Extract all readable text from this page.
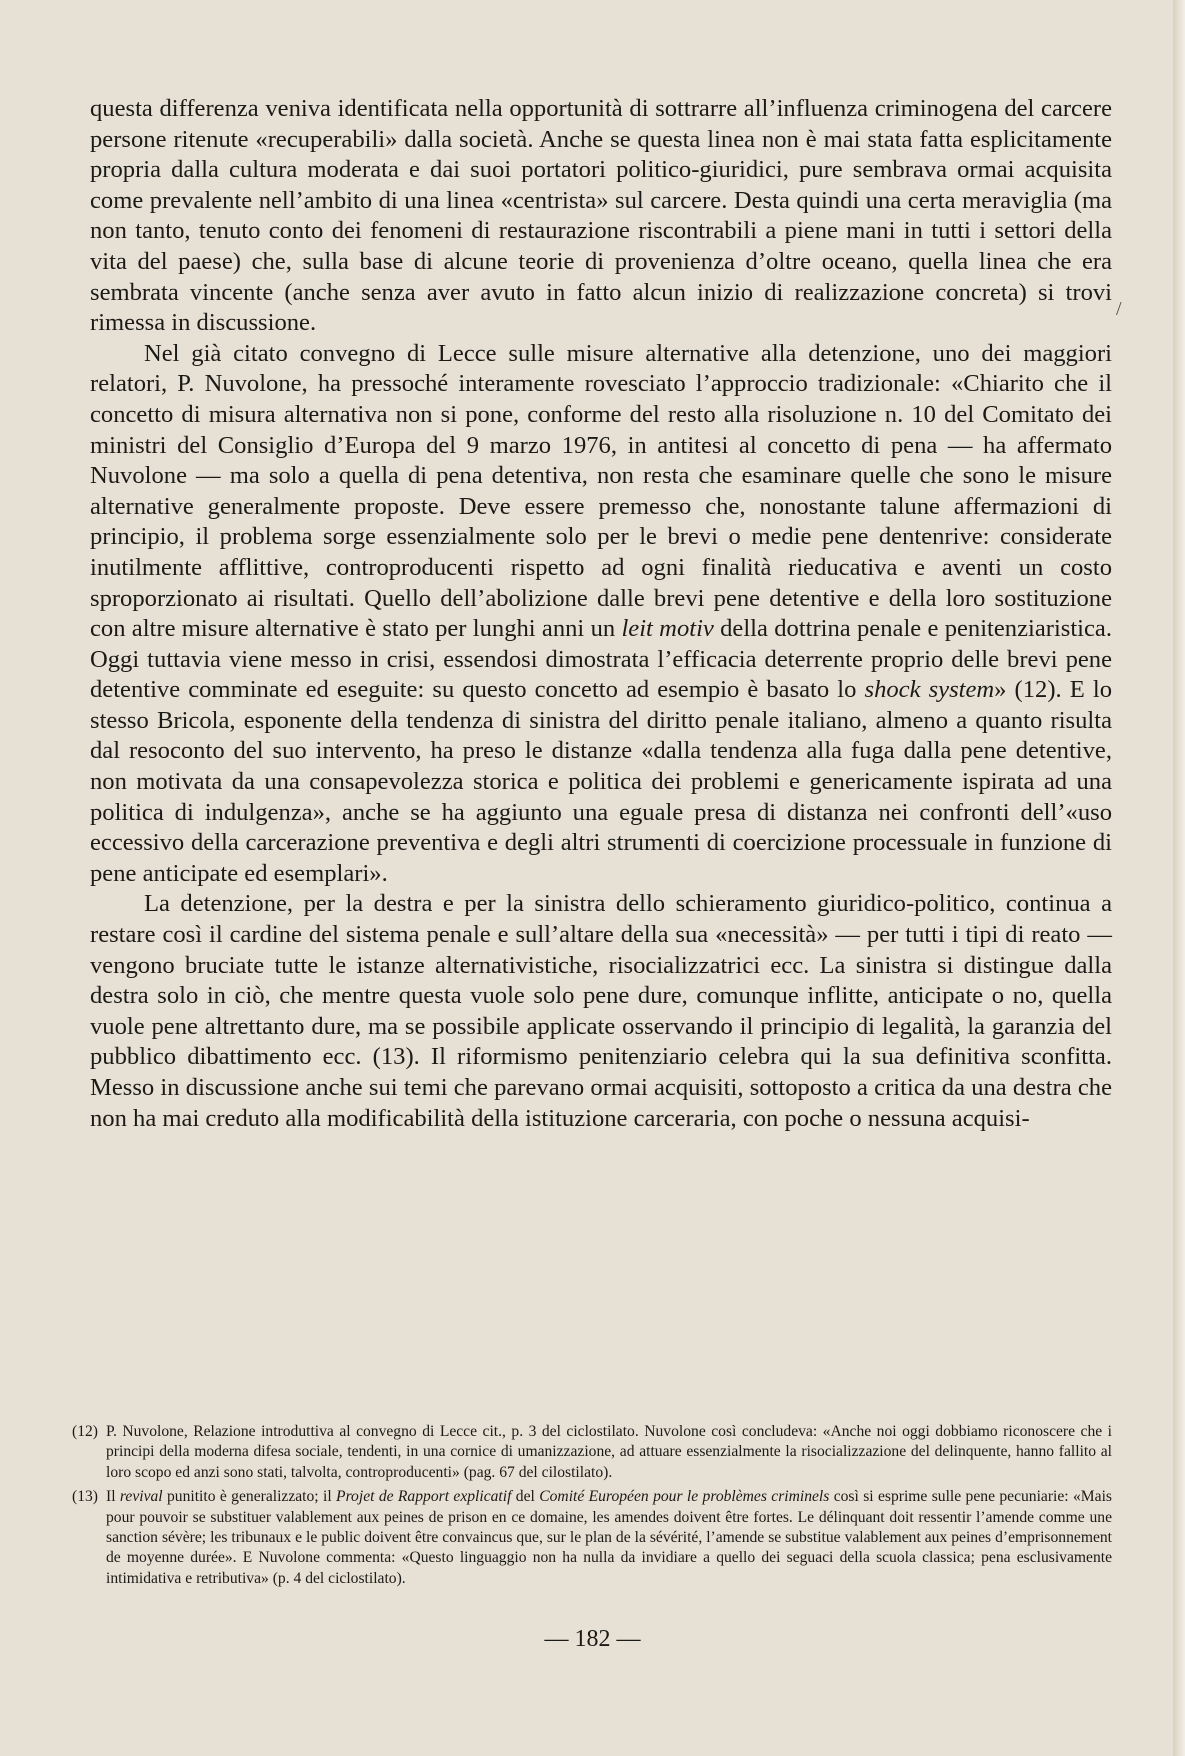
/

questa differenza veniva identificata nella opportunità di sottrarre all’influenza criminogena del carcere persone ritenute «recuperabili» dalla società. Anche se questa linea non è mai stata fatta esplicitamente propria dalla cultura moderata e dai suoi portatori politico-giuridici, pure sembrava ormai acquisita come prevalente nell’ambito di una linea «centrista» sul carcere. Desta quindi una certa meraviglia (ma non tanto, tenuto conto dei fenomeni di restaurazione riscontrabili a piene mani in tutti i settori della vita del paese) che, sulla base di alcune teorie di provenienza d’oltre oceano, quella linea che era sembrata vincente (anche senza aver avuto in fatto alcun inizio di realizzazione concreta) si trovi rimessa in discussione.

Nel già citato convegno di Lecce sulle misure alternative alla detenzione, uno dei maggiori relatori, P. Nuvolone, ha pressoché interamente rovesciato l’approccio tradizionale: «Chiarito che il concetto di misura alternativa non si pone, conforme del resto alla risoluzione n. 10 del Comitato dei ministri del Consiglio d’Europa del 9 marzo 1976, in antitesi al concetto di pena — ha affermato Nuvolone — ma solo a quella di pena detentiva, non resta che esaminare quelle che sono le misure alternative generalmente proposte. Deve essere premesso che, nonostante talune affermazioni di principio, il problema sorge essenzialmente solo per le brevi o medie pene dentenrive: considerate inutilmente afflittive, controproducenti rispetto ad ogni finalità rieducativa e aventi un costo sproporzionato ai risultati. Quello dell’abolizione dalle brevi pene detentive e della loro sostituzione con altre misure alternative è stato per lunghi anni un leit motiv della dottrina penale e penitenziaristica. Oggi tuttavia viene messo in crisi, essendosi dimostrata l’efficacia deterrente proprio delle brevi pene detentive comminate ed eseguite: su questo concetto ad esempio è basato lo shock system» (12). E lo stesso Bricola, esponente della tendenza di sinistra del diritto penale italiano, almeno a quanto risulta dal resoconto del suo intervento, ha preso le distanze «dalla tendenza alla fuga dalla pene detentive, non motivata da una consapevolezza storica e politica dei problemi e genericamente ispirata ad una politica di indulgenza», anche se ha aggiunto una eguale presa di distanza nei confronti dell’«uso eccessivo della carcerazione preventiva e degli altri strumenti di coercizione processuale in funzione di pene anticipate ed esemplari».

La detenzione, per la destra e per la sinistra dello schieramento giuridico-politico, continua a restare così il cardine del sistema penale e sull’altare della sua «necessità» — per tutti i tipi di reato — vengono bruciate tutte le istanze alternativistiche, risocializzatrici ecc. La sinistra si distingue dalla destra solo in ciò, che mentre questa vuole solo pene dure, comunque inflitte, anticipate o no, quella vuole pene altrettanto dure, ma se possibile applicate osservando il principio di legalità, la garanzia del pubblico dibattimento ecc. (13). Il riformismo penitenziario celebra qui la sua definitiva sconfitta. Messo in discussione anche sui temi che parevano ormai acquisiti, sottoposto a critica da una destra che non ha mai creduto alla modificabilità della istituzione carceraria, con poche o nessuna acquisi-

(12) P. Nuvolone, Relazione introduttiva al convegno di Lecce cit., p. 3 del ciclostilato. Nuvolone così concludeva: «Anche noi oggi dobbiamo riconoscere che i principi della moderna difesa sociale, tendenti, in una cornice di umanizzazione, ad attuare essenzialmente la risocializzazione del delinquente, hanno fallito al loro scopo ed anzi sono stati, talvolta, controproducenti» (pag. 67 del cilostilato).
(13) Il revival punitito è generalizzato; il Projet de Rapport explicatif del Comité Européen pour le problèmes criminels così si esprime sulle pene pecuniarie: «Mais pour pouvoir se substituer valablement aux peines de prison en ce domaine, les amendes doivent être fortes. Le délinquant doit ressentir l’amende comme une sanction sévère; les tribunaux e le public doivent être convaincus que, sur le plan de la sévérité, l’amende se substitue valablement aux peines d’emprisonnement de moyenne durée». E Nuvolone commenta: «Questo linguaggio non ha nulla da invidiare a quello dei seguaci della scuola classica; pena esclusivamente intimidativa e retributiva» (p. 4 del ciclostilato).
— 182 —
